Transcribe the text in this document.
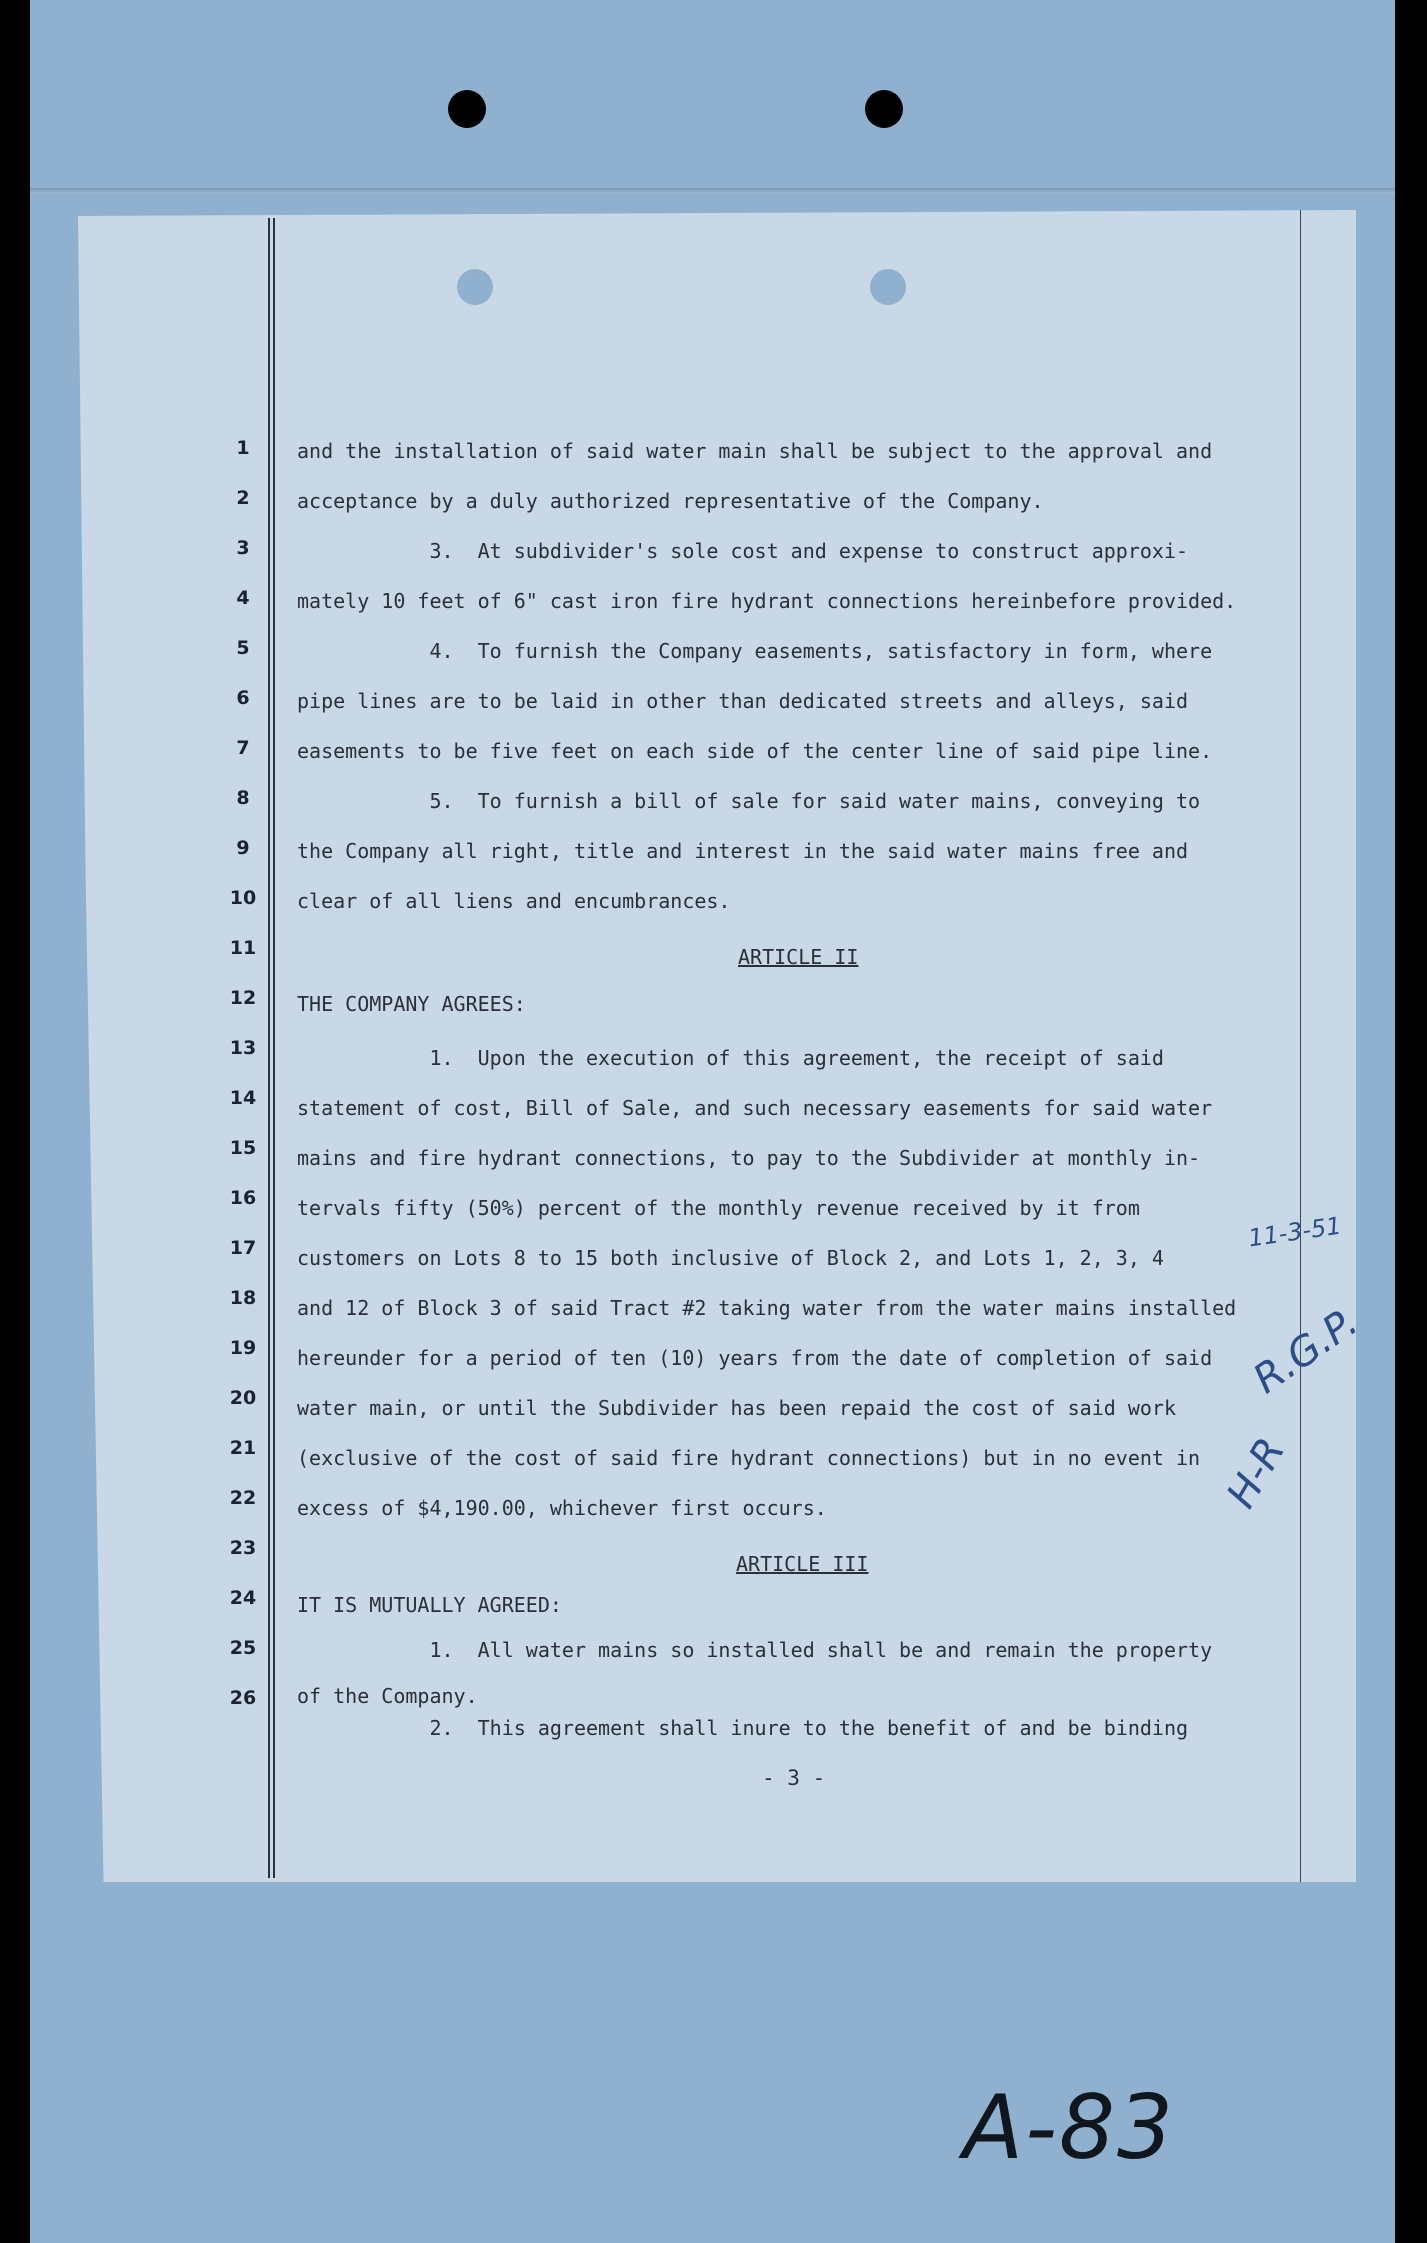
1
2
3
4
5
6
7
8
9
10
11
12
13
14
15
16
17
18
19
20
21
22
23
24
25
26
and the installation of said water main shall be subject to the approval and
acceptance by a duly authorized representative of the Company.
3.  At subdivider's sole cost and expense to construct approxi-
mately 10 feet of 6" cast iron fire hydrant connections hereinbefore provided.
4.  To furnish the Company easements, satisfactory in form, where
pipe lines are to be laid in other than dedicated streets and alleys, said
easements to be five feet on each side of the center line of said pipe line.
5.  To furnish a bill of sale for said water mains, conveying to
the Company all right, title and interest in the said water mains free and
clear of all liens and encumbrances.
ARTICLE II
THE COMPANY AGREES:
1.  Upon the execution of this agreement, the receipt of said
statement of cost, Bill of Sale, and such necessary easements for said water
mains and fire hydrant connections, to pay to the Subdivider at monthly in-
tervals fifty (50%) percent of the monthly revenue received by it from
customers on Lots 8 to 15 both inclusive of Block 2, and Lots 1, 2, 3, 4
and 12 of Block 3 of said Tract #2 taking water from the water mains installed
hereunder for a period of ten (10) years from the date of completion of said
water main, or until the Subdivider has been repaid the cost of said work
(exclusive of the cost of said fire hydrant connections) but in no event in
excess of $4,190.00, whichever first occurs.
ARTICLE III
IT IS MUTUALLY AGREED:
1.  All water mains so installed shall be and remain the property
of the Company.
2.  This agreement shall inure to the benefit of and be binding
- 3 -
11-3-51
R.G.P.
H-R
A-83
